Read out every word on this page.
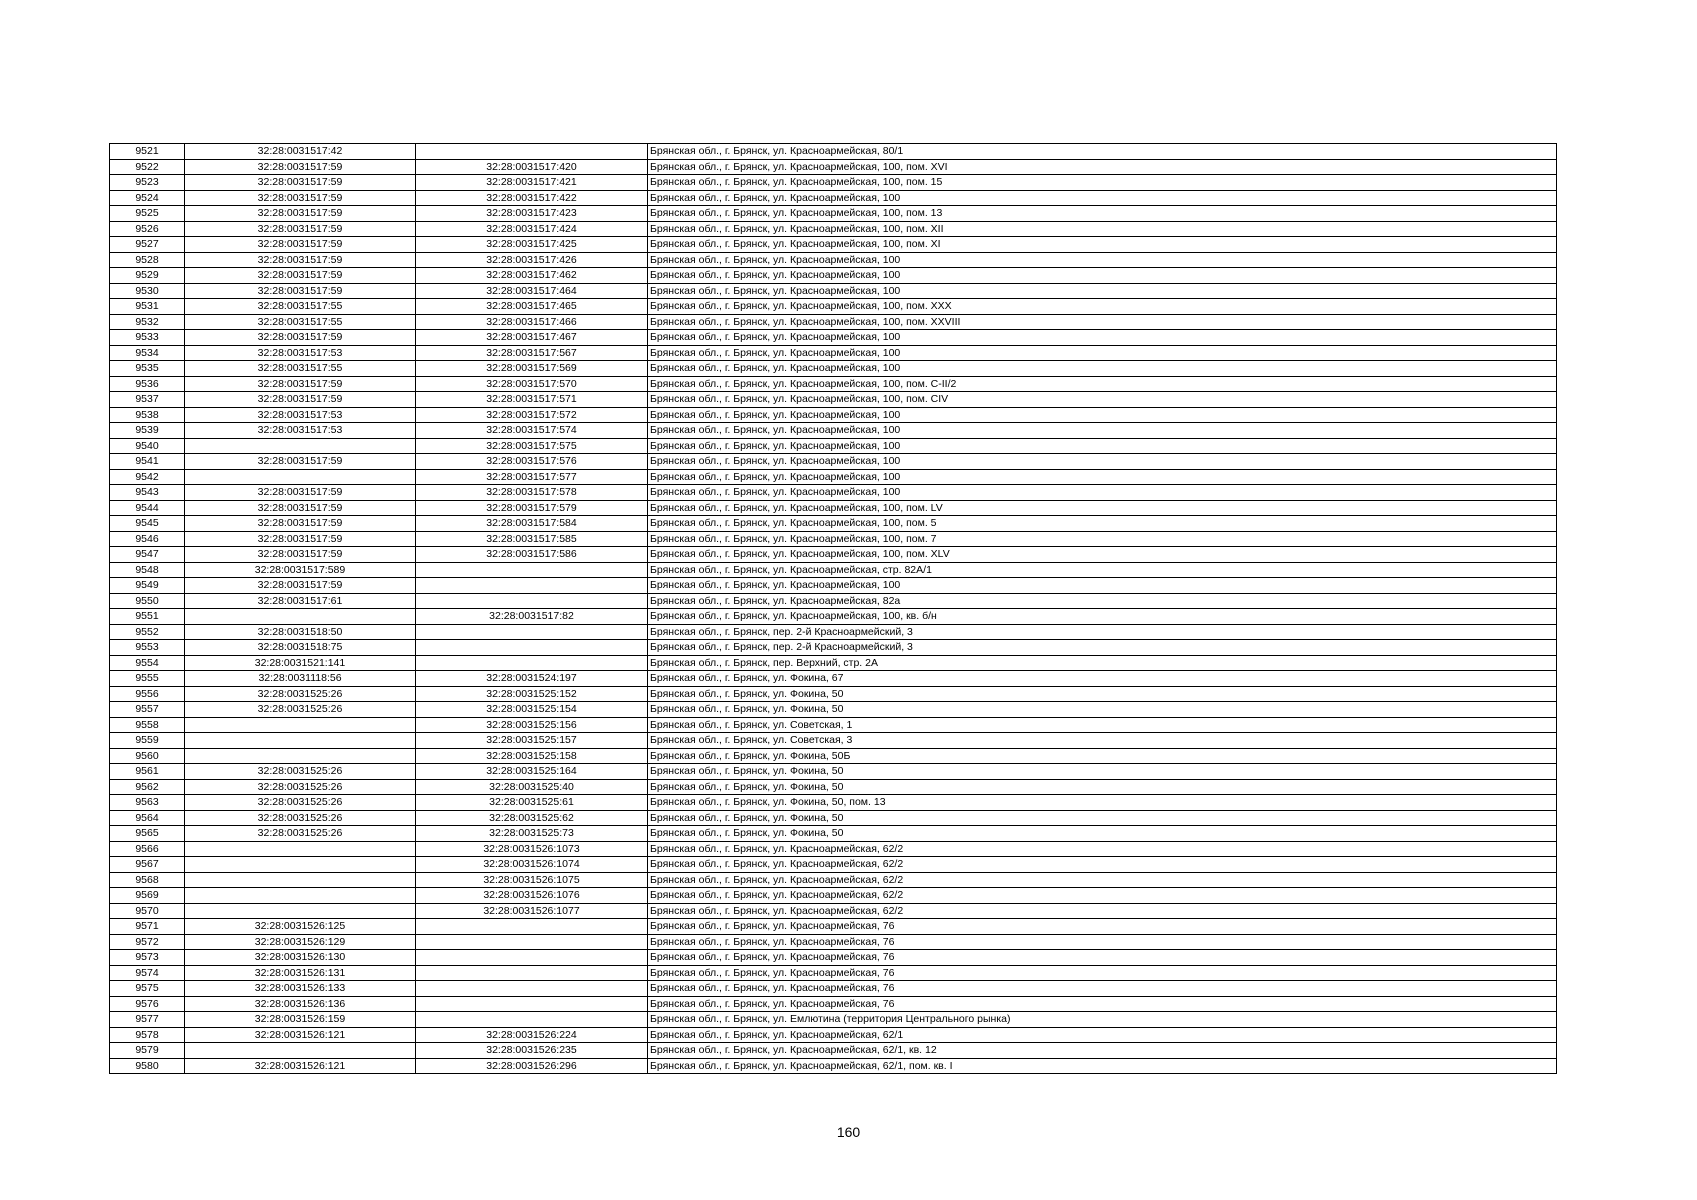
9521	32:28:0031517:42		Брянская обл., г. Брянск, ул. Красноармейская, 80/1
9522	32:28:0031517:59	32:28:0031517:420	Брянская обл., г. Брянск, ул. Красноармейская, 100, пом. XVI
9523	32:28:0031517:59	32:28:0031517:421	Брянская обл., г. Брянск, ул. Красноармейская, 100, пом. 15
9524	32:28:0031517:59	32:28:0031517:422	Брянская обл., г. Брянск, ул. Красноармейская, 100
9525	32:28:0031517:59	32:28:0031517:423	Брянская обл., г. Брянск, ул. Красноармейская, 100, пом. 13
9526	32:28:0031517:59	32:28:0031517:424	Брянская обл., г. Брянск, ул. Красноармейская, 100, пом. XII
9527	32:28:0031517:59	32:28:0031517:425	Брянская обл., г. Брянск, ул. Красноармейская, 100, пом. XI
9528	32:28:0031517:59	32:28:0031517:426	Брянская обл., г. Брянск, ул. Красноармейская, 100
9529	32:28:0031517:59	32:28:0031517:462	Брянская обл., г. Брянск, ул. Красноармейская, 100
9530	32:28:0031517:59	32:28:0031517:464	Брянская обл., г. Брянск, ул. Красноармейская, 100
9531	32:28:0031517:55	32:28:0031517:465	Брянская обл., г. Брянск, ул. Красноармейская, 100, пом. XXX
9532	32:28:0031517:55	32:28:0031517:466	Брянская обл., г. Брянск, ул. Красноармейская, 100, пом. XXVIII
9533	32:28:0031517:59	32:28:0031517:467	Брянская обл., г. Брянск, ул. Красноармейская, 100
9534	32:28:0031517:53	32:28:0031517:567	Брянская обл., г. Брянск, ул. Красноармейская, 100
9535	32:28:0031517:55	32:28:0031517:569	Брянская обл., г. Брянск, ул. Красноармейская, 100
9536	32:28:0031517:59	32:28:0031517:570	Брянская обл., г. Брянск, ул. Красноармейская, 100, пом. C-II/2
9537	32:28:0031517:59	32:28:0031517:571	Брянская обл., г. Брянск, ул. Красноармейская, 100, пом. CIV
9538	32:28:0031517:53	32:28:0031517:572	Брянская обл., г. Брянск, ул. Красноармейская, 100
9539	32:28:0031517:53	32:28:0031517:574	Брянская обл., г. Брянск, ул. Красноармейская, 100
9540		32:28:0031517:575	Брянская обл., г. Брянск, ул. Красноармейская, 100
9541	32:28:0031517:59	32:28:0031517:576	Брянская обл., г. Брянск, ул. Красноармейская, 100
9542		32:28:0031517:577	Брянская обл., г. Брянск, ул. Красноармейская, 100
9543	32:28:0031517:59	32:28:0031517:578	Брянская обл., г. Брянск, ул. Красноармейская, 100
9544	32:28:0031517:59	32:28:0031517:579	Брянская обл., г. Брянск, ул. Красноармейская, 100, пом. LV
9545	32:28:0031517:59	32:28:0031517:584	Брянская обл., г. Брянск, ул. Красноармейская, 100, пом. 5
9546	32:28:0031517:59	32:28:0031517:585	Брянская обл., г. Брянск, ул. Красноармейская, 100, пом. 7
9547	32:28:0031517:59	32:28:0031517:586	Брянская обл., г. Брянск, ул. Красноармейская, 100, пом. XLV
9548	32:28:0031517:589		Брянская обл., г. Брянск, ул. Красноармейская, стр. 82А/1
9549	32:28:0031517:59		Брянская обл., г. Брянск, ул. Красноармейская, 100
9550	32:28:0031517:61		Брянская обл., г. Брянск, ул. Красноармейская, 82а
9551		32:28:0031517:82	Брянская обл., г. Брянск, ул. Красноармейская, 100, кв. б/н
9552	32:28:0031518:50		Брянская обл., г. Брянск, пер. 2-й Красноармейский, 3
9553	32:28:0031518:75		Брянская обл., г. Брянск, пер. 2-й Красноармейский, 3
9554	32:28:0031521:141		Брянская обл., г. Брянск, пер. Верхний, стр. 2А
9555	32:28:0031118:56	32:28:0031524:197	Брянская обл., г. Брянск, ул. Фокина, 67
9556	32:28:0031525:26	32:28:0031525:152	Брянская обл., г. Брянск, ул. Фокина, 50
9557	32:28:0031525:26	32:28:0031525:154	Брянская обл., г. Брянск, ул. Фокина, 50
9558		32:28:0031525:156	Брянская обл., г. Брянск, ул. Советская, 1
9559		32:28:0031525:157	Брянская обл., г. Брянск, ул. Советская, 3
9560		32:28:0031525:158	Брянская обл., г. Брянск, ул. Фокина, 50Б
9561	32:28:0031525:26	32:28:0031525:164	Брянская обл., г. Брянск, ул. Фокина, 50
9562	32:28:0031525:26	32:28:0031525:40	Брянская обл., г. Брянск, ул. Фокина, 50
9563	32:28:0031525:26	32:28:0031525:61	Брянская обл., г. Брянск, ул. Фокина, 50, пом. 13
9564	32:28:0031525:26	32:28:0031525:62	Брянская обл., г. Брянск, ул. Фокина, 50
9565	32:28:0031525:26	32:28:0031525:73	Брянская обл., г. Брянск, ул. Фокина, 50
9566		32:28:0031526:1073	Брянская обл., г. Брянск, ул. Красноармейская, 62/2
9567		32:28:0031526:1074	Брянская обл., г. Брянск, ул. Красноармейская, 62/2
9568		32:28:0031526:1075	Брянская обл., г. Брянск, ул. Красноармейская, 62/2
9569		32:28:0031526:1076	Брянская обл., г. Брянск, ул. Красноармейская, 62/2
9570		32:28:0031526:1077	Брянская обл., г. Брянск, ул. Красноармейская, 62/2
9571	32:28:0031526:125		Брянская обл., г. Брянск, ул. Красноармейская, 76
9572	32:28:0031526:129		Брянская обл., г. Брянск, ул. Красноармейская, 76
9573	32:28:0031526:130		Брянская обл., г. Брянск, ул. Красноармейская, 76
9574	32:28:0031526:131		Брянская обл., г. Брянск, ул. Красноармейская, 76
9575	32:28:0031526:133		Брянская обл., г. Брянск, ул. Красноармейская, 76
9576	32:28:0031526:136		Брянская обл., г. Брянск, ул. Красноармейская, 76
9577	32:28:0031526:159		Брянская обл., г. Брянск, ул. Емлютина (территория Центрального рынка)
9578	32:28:0031526:121	32:28:0031526:224	Брянская обл., г. Брянск, ул. Красноармейская, 62/1
9579		32:28:0031526:235	Брянская обл., г. Брянск, ул. Красноармейская, 62/1, кв. 12
9580	32:28:0031526:121	32:28:0031526:296	Брянская обл., г. Брянск, ул. Красноармейская, 62/1, пом. кв. I
160
